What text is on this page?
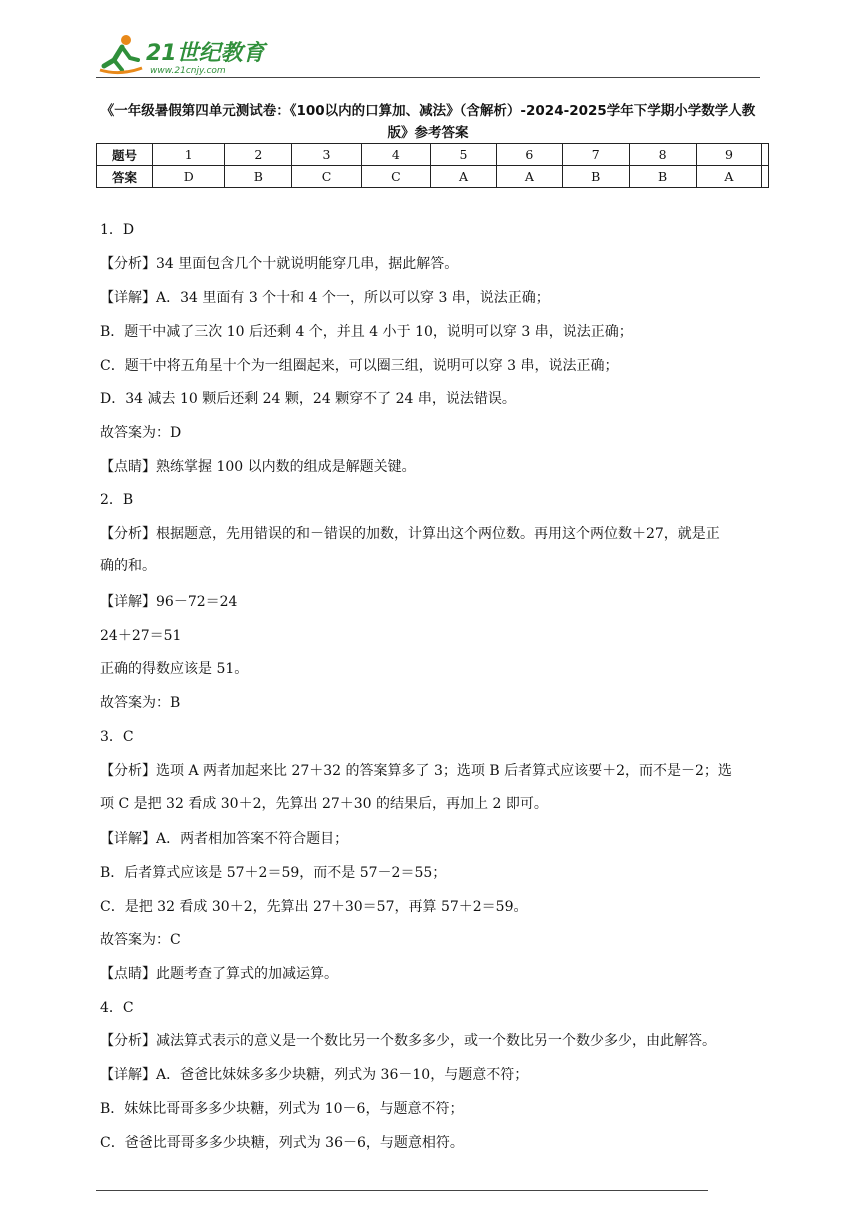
21世纪教育
www.21cnjy.com
《一年级暑假第四单元测试卷：《100以内的口算加、减法》（含解析）-2024-2025学年下学期小学数学人教版》参考答案
题号	1	2	3	4	5	6	7	8	9	
答案	D	B	C	C	A	A	B	B	A	
1．D
【分析】34 里面包含几个十就说明能穿几串，据此解答。
【详解】A．34 里面有 3 个十和 4 个一，所以可以穿 3 串，说法正确；
B．题干中减了三次 10 后还剩 4 个，并且 4 小于 10，说明可以穿 3 串，说法正确；
C．题干中将五角星十个为一组圈起来，可以圈三组，说明可以穿 3 串，说法正确；
D．34 减去 10 颗后还剩 24 颗，24 颗穿不了 24 串，说法错误。
故答案为：D
【点睛】熟练掌握 100 以内数的组成是解题关键。
2．B
【分析】根据题意，先用错误的和－错误的加数，计算出这个两位数。再用这个两位数＋27，就是正
确的和。
【详解】96－72＝24
24＋27＝51
正确的得数应该是 51。
故答案为：B
3．C
【分析】选项 A 两者加起来比 27＋32 的答案算多了 3；选项 B 后者算式应该要＋2，而不是－2；选
项 C 是把 32 看成 30＋2，先算出 27＋30 的结果后，再加上 2 即可。
【详解】A．两者相加答案不符合题目；
B．后者算式应该是 57＋2＝59，而不是 57－2＝55；
C．是把 32 看成 30＋2，先算出 27＋30＝57，再算 57＋2＝59。
故答案为：C
【点睛】此题考查了算式的加减运算。
4．C
【分析】减法算式表示的意义是一个数比另一个数多多少，或一个数比另一个数少多少，由此解答。
【详解】A．爸爸比妹妹多多少块糖，列式为 36－10，与题意不符；
B．妹妹比哥哥多多少块糖，列式为 10－6，与题意不符；
C．爸爸比哥哥多多少块糖，列式为 36－6，与题意相符。
